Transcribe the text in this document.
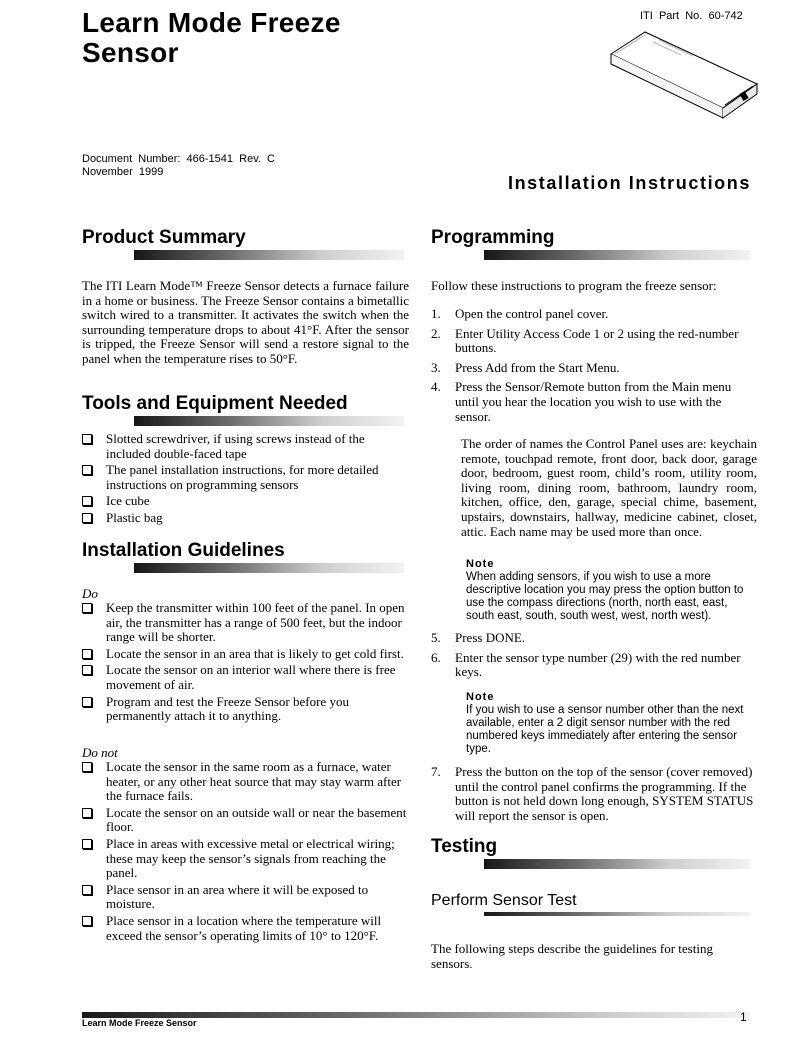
Learn Mode Freeze
Sensor
ITI  Part  No.  60-742
Document  Number:  466-1541  Rev.  C
November  1999
Installation Instructions
Product Summary

The ITI Learn Mode™ Freeze Sensor detects a furnace failure in a home or business. The Freeze Sensor contains a bimetallic switch wired to a transmitter. It activates the switch when the surrounding temperature drops to about 41°F. After the sensor is tripped, the Freeze Sensor will send a restore signal to the panel when the temperature rises to 50°F.

Tools and Equipment Needed
Slotted screwdriver, if using screws instead of the included double-faced tape
The panel installation instructions, for more detailed instructions on programming sensors
Ice cube
Plastic bag
Installation Guidelines
Do
Keep the transmitter within 100 feet of the panel. In open air, the transmitter has a range of 500 feet, but the indoor range will be shorter.
Locate the sensor in an area that is likely to get cold first.
Locate the sensor on an interior wall where there is free movement of air.
Program and test the Freeze Sensor before you permanently attach it to anything.
Do not
Locate the sensor in the same room as a furnace, water heater, or any other heat source that may stay warm after the furnace fails.
Locate the sensor on an outside wall or near the basement floor.
Place in areas with excessive metal or electrical wiring; these may keep the sensor’s signals from reaching the panel.
Place sensor in an area where it will be exposed to moisture.
Place sensor in a location where the temperature will exceed the sensor’s operating limits of 10° to 120°F.
Programming

Follow these instructions to program the freeze sensor:

1. Open the control panel cover.
2. Enter Utility Access Code 1 or 2 using the red-number buttons.
3. Press Add from the Start Menu.
4. Press the Sensor/Remote button from the Main menu until you hear the location you wish to use with the sensor.

The order of names the Control Panel uses are: keychain remote, touchpad remote, front door, back door, garage door, bedroom, guest room, child’s room, utility room, living room, dining room, bathroom, laundry room, kitchen, office, den, garage, special chime, basement, upstairs, downstairs, hallway, medicine cabinet, closet, attic. Each name may be used more than once.

Note
When adding sensors, if you wish to use a more descriptive location you may press the option button to use the compass directions (north, north east, east, south east, south, south west, west, north west).
5. Press DONE.
6. Enter the sensor type number (29) with the red number keys.
Note
If you wish to use a sensor number other than the next available, enter a 2 digit sensor number with the red numbered keys immediately after entering the sensor type.
7. Press the button on the top of the sensor (cover removed) until the control panel confirms the programming. If the button is not held down long enough, SYSTEM STATUS will report the sensor is open.
Testing
Perform Sensor Test

The following steps describe the guidelines for testing sensors.

Learn Mode Freeze Sensor	1
